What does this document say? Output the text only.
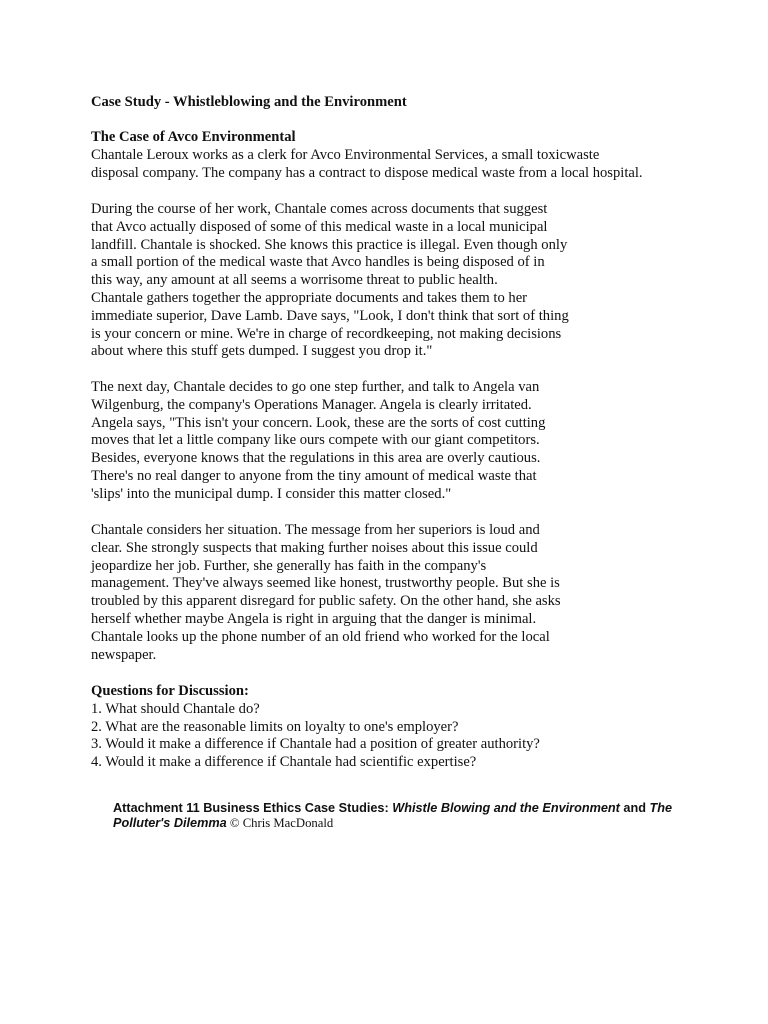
Case Study - Whistleblowing and the Environment
The Case of Avco Environmental
Chantale Leroux works as a clerk for Avco Environmental Services, a small toxicwaste
disposal company. The company has a contract to dispose medical waste from a local hospital.
During the course of her work, Chantale comes across documents that suggest
that Avco actually disposed of some of this medical waste in a local municipal
landfill. Chantale is shocked. She knows this practice is illegal. Even though only
a small portion of the medical waste that Avco handles is being disposed of in
this way, any amount at all seems a worrisome threat to public health.
Chantale gathers together the appropriate documents and takes them to her
immediate superior, Dave Lamb. Dave says, "Look, I don't think that sort of thing
is your concern or mine. We're in charge of recordkeeping, not making decisions
about where this stuff gets dumped. I suggest you drop it."
The next day, Chantale decides to go one step further, and talk to Angela van
Wilgenburg, the company's Operations Manager. Angela is clearly irritated.
Angela says, "This isn't your concern. Look, these are the sorts of cost cutting
moves that let a little company like ours compete with our giant competitors.
Besides, everyone knows that the regulations in this area are overly cautious.
There's no real danger to anyone from the tiny amount of medical waste that
'slips' into the municipal dump. I consider this matter closed."
Chantale considers her situation. The message from her superiors is loud and
clear. She strongly suspects that making further noises about this issue could
jeopardize her job. Further, she generally has faith in the company's
management. They've always seemed like honest, trustworthy people. But she is
troubled by this apparent disregard for public safety. On the other hand, she asks
herself whether maybe Angela is right in arguing that the danger is minimal.
Chantale looks up the phone number of an old friend who worked for the local
newspaper.
Questions for Discussion:
1. What should Chantale do?
2. What are the reasonable limits on loyalty to one's employer?
3. Would it make a difference if Chantale had a position of greater authority?
4. Would it make a difference if Chantale had scientific expertise?
Attachment 11 Business Ethics Case Studies: Whistle Blowing and the Environment and The
Polluter's Dilemma © Chris MacDonald
